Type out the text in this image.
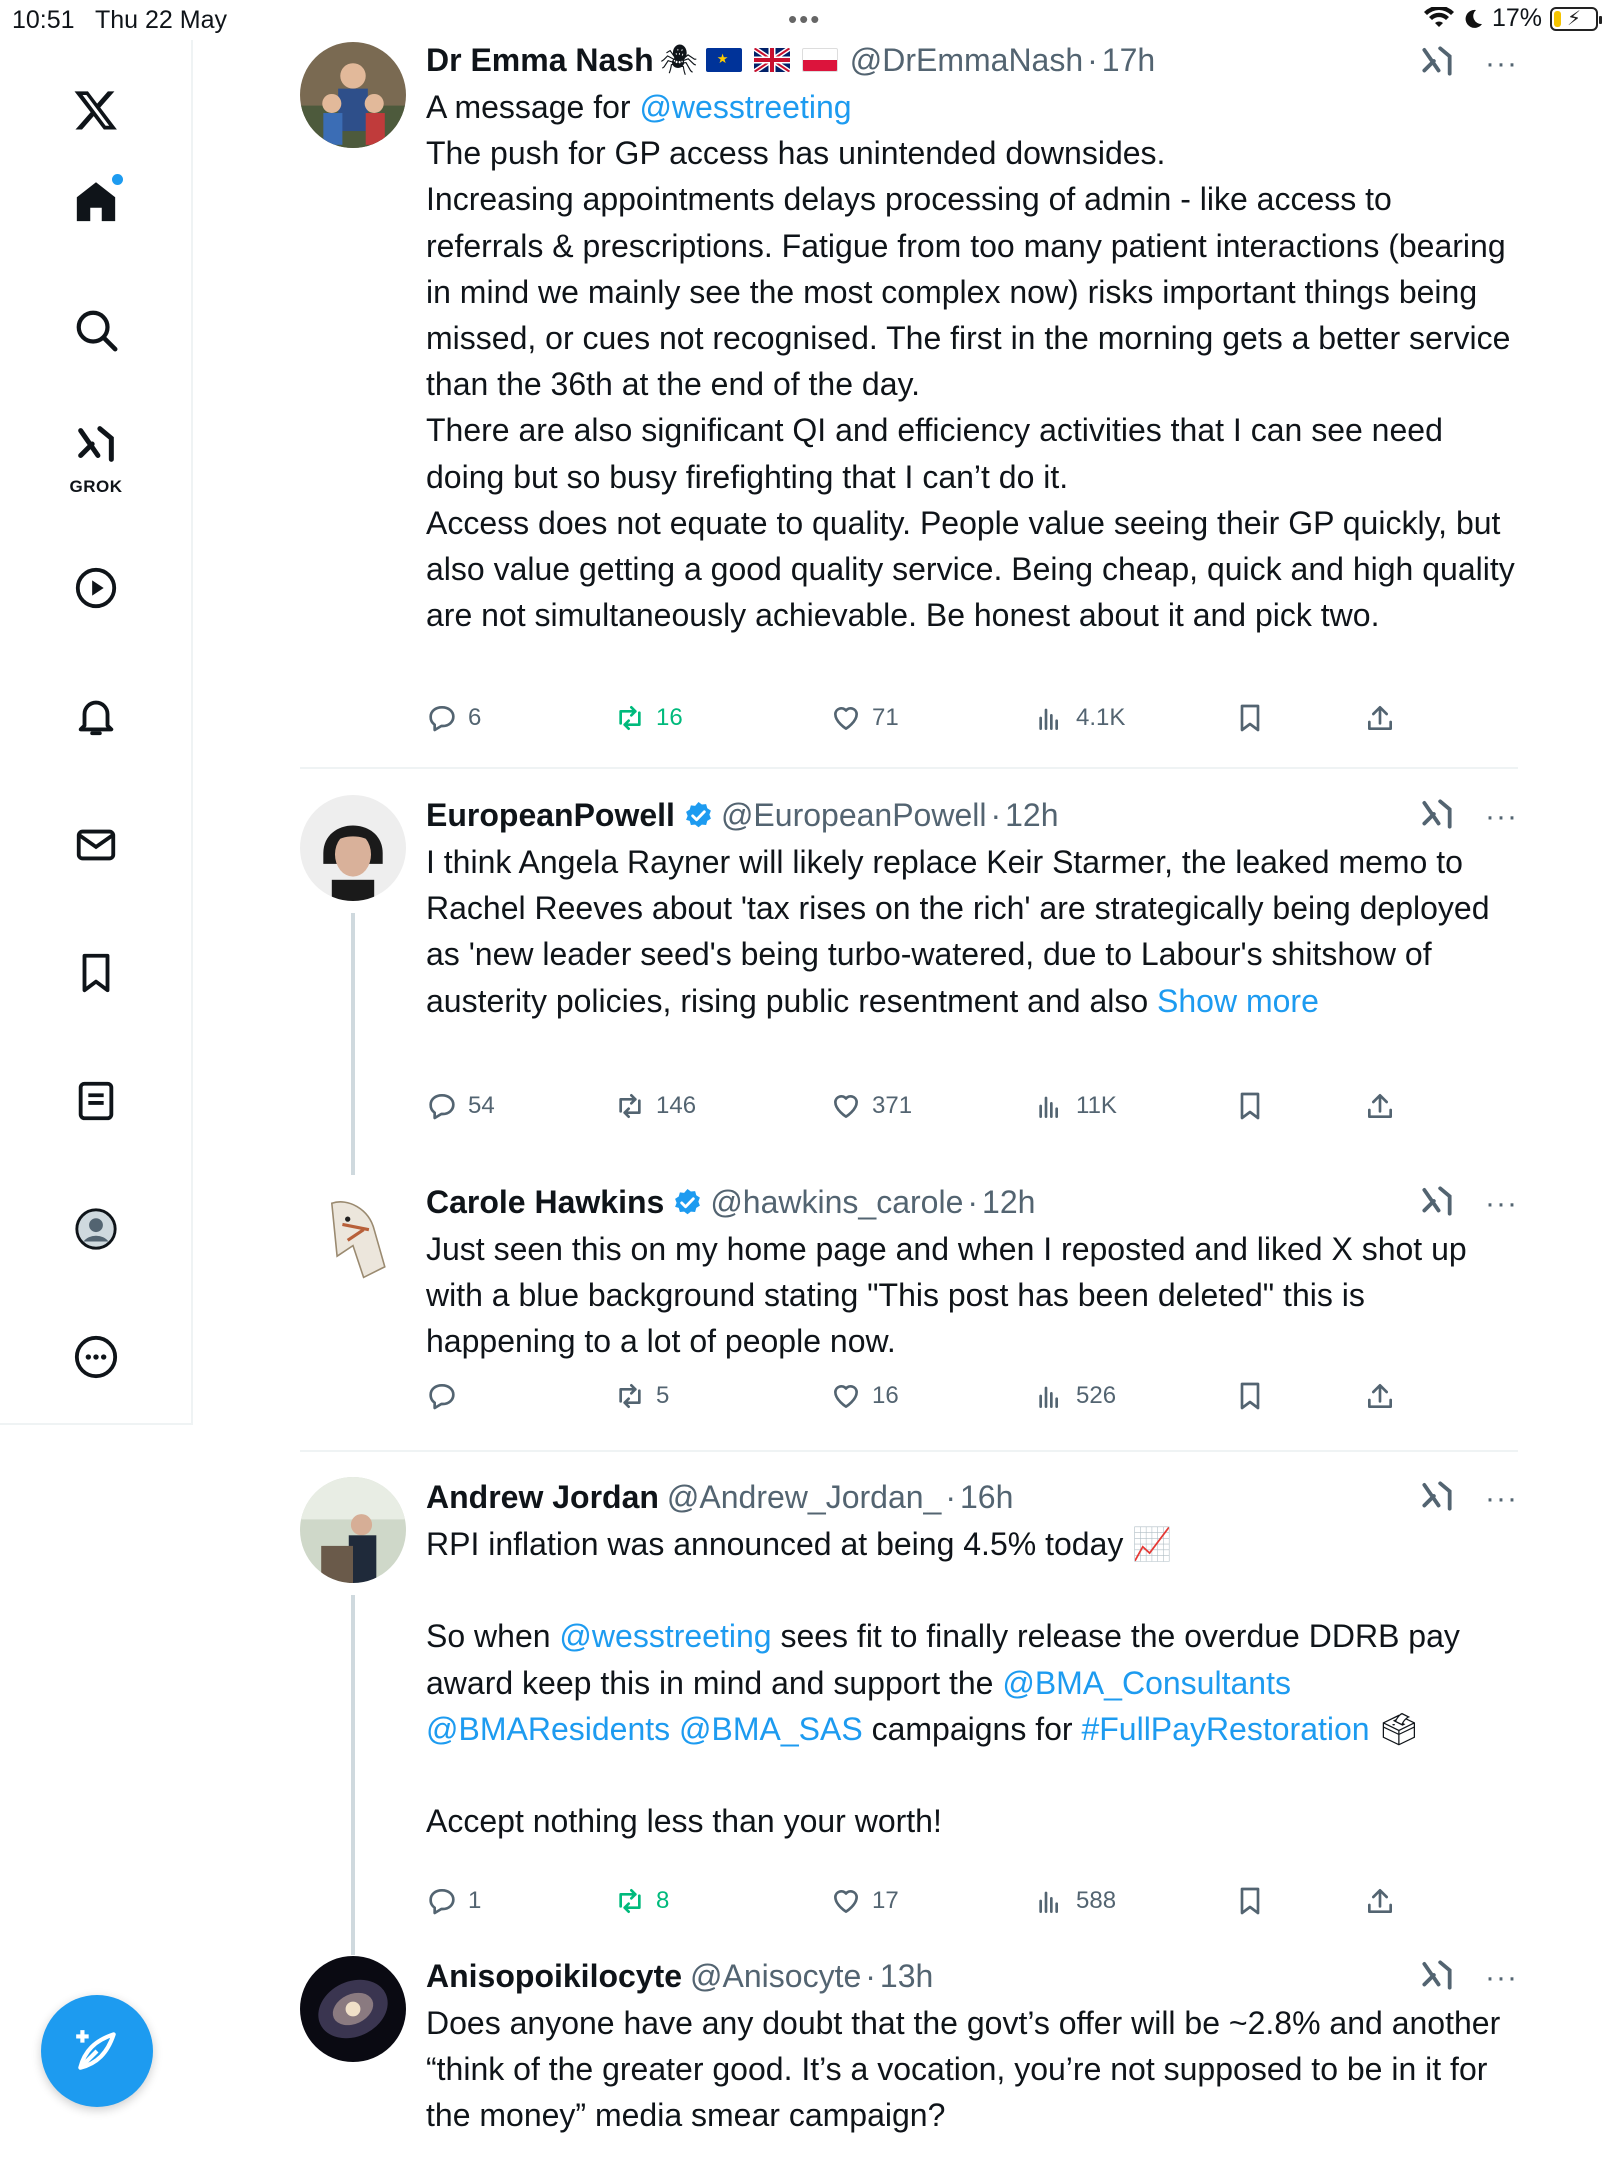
10:51 Thu 22 May	•••	17% ⚡
GROK
···
Dr Emma Nash 🕷
★	@DrEmmaNash · 17h
A message for @wesstreeting
The push for GP access has unintended downsides.
Increasing appointments delays processing of admin - like access to referrals & prescriptions. Fatigue from too many patient interactions (bearing in mind we mainly see the most complex now) risks important things being missed, or cues not recognised. The first in the morning gets a better service than the 36th at the end of the day.
There are also significant QI and efficiency activities that I can see need doing but so busy firefighting that I can’t do it.
Access does not equate to quality. People value seeing their GP quickly, but also value getting a good quality service. Being cheap, quick and high quality are not simultaneously achievable. Be honest about it and pick two.
6	16	71	4.1K
···
EuropeanPowell @EuropeanPowell · 12h
I think Angela Rayner will likely replace Keir Starmer, the leaked memo to Rachel Reeves about 'tax rises on the rich' are strategically being deployed as 'new leader seed's being turbo-watered, due to Labour's shitshow of austerity policies, rising public resentment and also Show more
54	146	371	11K
···
Carole Hawkins @hawkins_carole · 12h
Just seen this on my home page and when I reposted and liked X shot up with a blue background stating "This post has been deleted" this is happening to a lot of people now.
5	16	526
···
Andrew Jordan @Andrew_Jordan_ · 16h
RPI inflation was announced at being 4.5% today 📈

So when @wesstreeting sees fit to finally release the overdue DDRB pay award keep this in mind and support the @BMA_Consultants
@BMAResidents @BMA_SAS campaigns for #FullPayRestoration 🗳

Accept nothing less than your worth!
1	8	17	588
···
Anisopoikilocyte @Anisocyte · 13h
Does anyone have any doubt that the govt’s offer will be ~2.8% and another “think of the greater good. It’s a vocation, you’re not supposed to be in it for the money” media smear campaign?
